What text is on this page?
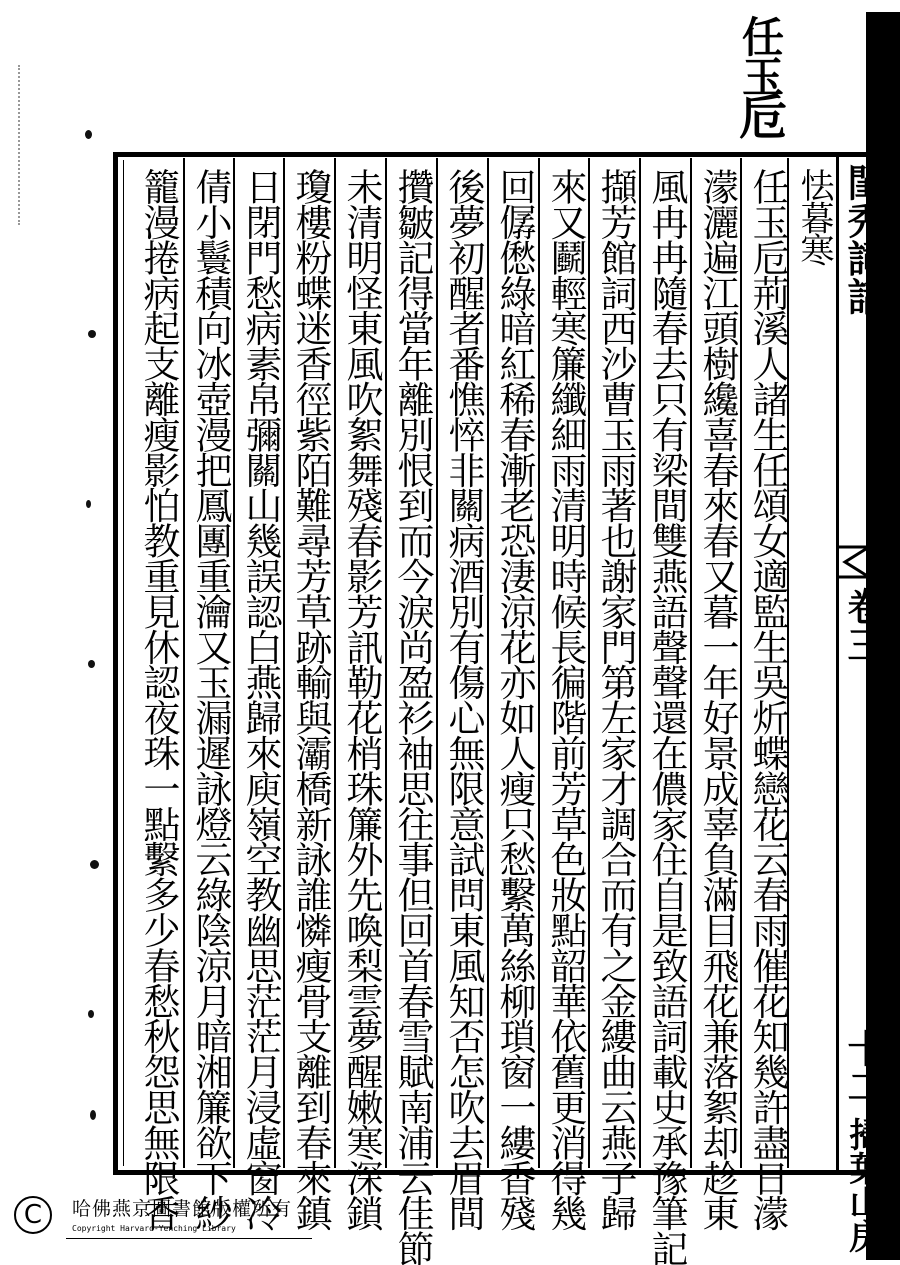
任
玉
卮
閨秀詞話
卷三
十二
掃葉山房
怯暮寒
任玉卮荊溪人諸生任頌女適監生吳炘蝶戀花云春雨催花知幾許盡日濛
濛灑遍江頭樹纔喜春來春又暮一年好景成辜負滿目飛花兼落絮却趁東
風冉冉隨春去只有梁間雙燕語聲聲還在儂家住自是致語詞載史承豫筆記
擷芳館詞西沙曹玉雨著也謝家門第左家才調合而有之金縷曲云燕子歸
來又鬬輕寒簾纖細雨清明時候長徧階前芳草色妝點韶華依舊更消得幾
回僝僽綠暗紅稀春漸老恐淒涼花亦如人瘦只愁繫萬絲柳瑣窗一縷香殘
後夢初醒者番憔悴非關病酒別有傷心無限意試問東風知否怎吹去眉間
攢皺記得當年離別恨到而今淚尚盈衫袖思往事但回首春雪賦南浦云佳節
未清明怪東風吹絮舞殘春影芳訊勒花梢珠簾外先喚梨雲夢醒嫩寒深鎖
瓊樓粉蝶迷香徑紫陌難尋芳草跡輸與灞橋新詠誰憐瘦骨支離到春來鎮
日閉門愁病素帛彌關山幾誤認白燕歸來庾嶺空教幽思茫茫月浸虛窗冷
倩小鬟積向冰壺漫把鳳團重瀹又玉漏遲詠燈云綠陰涼月暗湘簾欲下紗
籠漫捲病起支離瘦影怕教重見休認夜珠一點繫多少春愁秋怨思無限香
C	哈佛燕京圖書館版權所有
Copyright Harvard-Yenching Library
